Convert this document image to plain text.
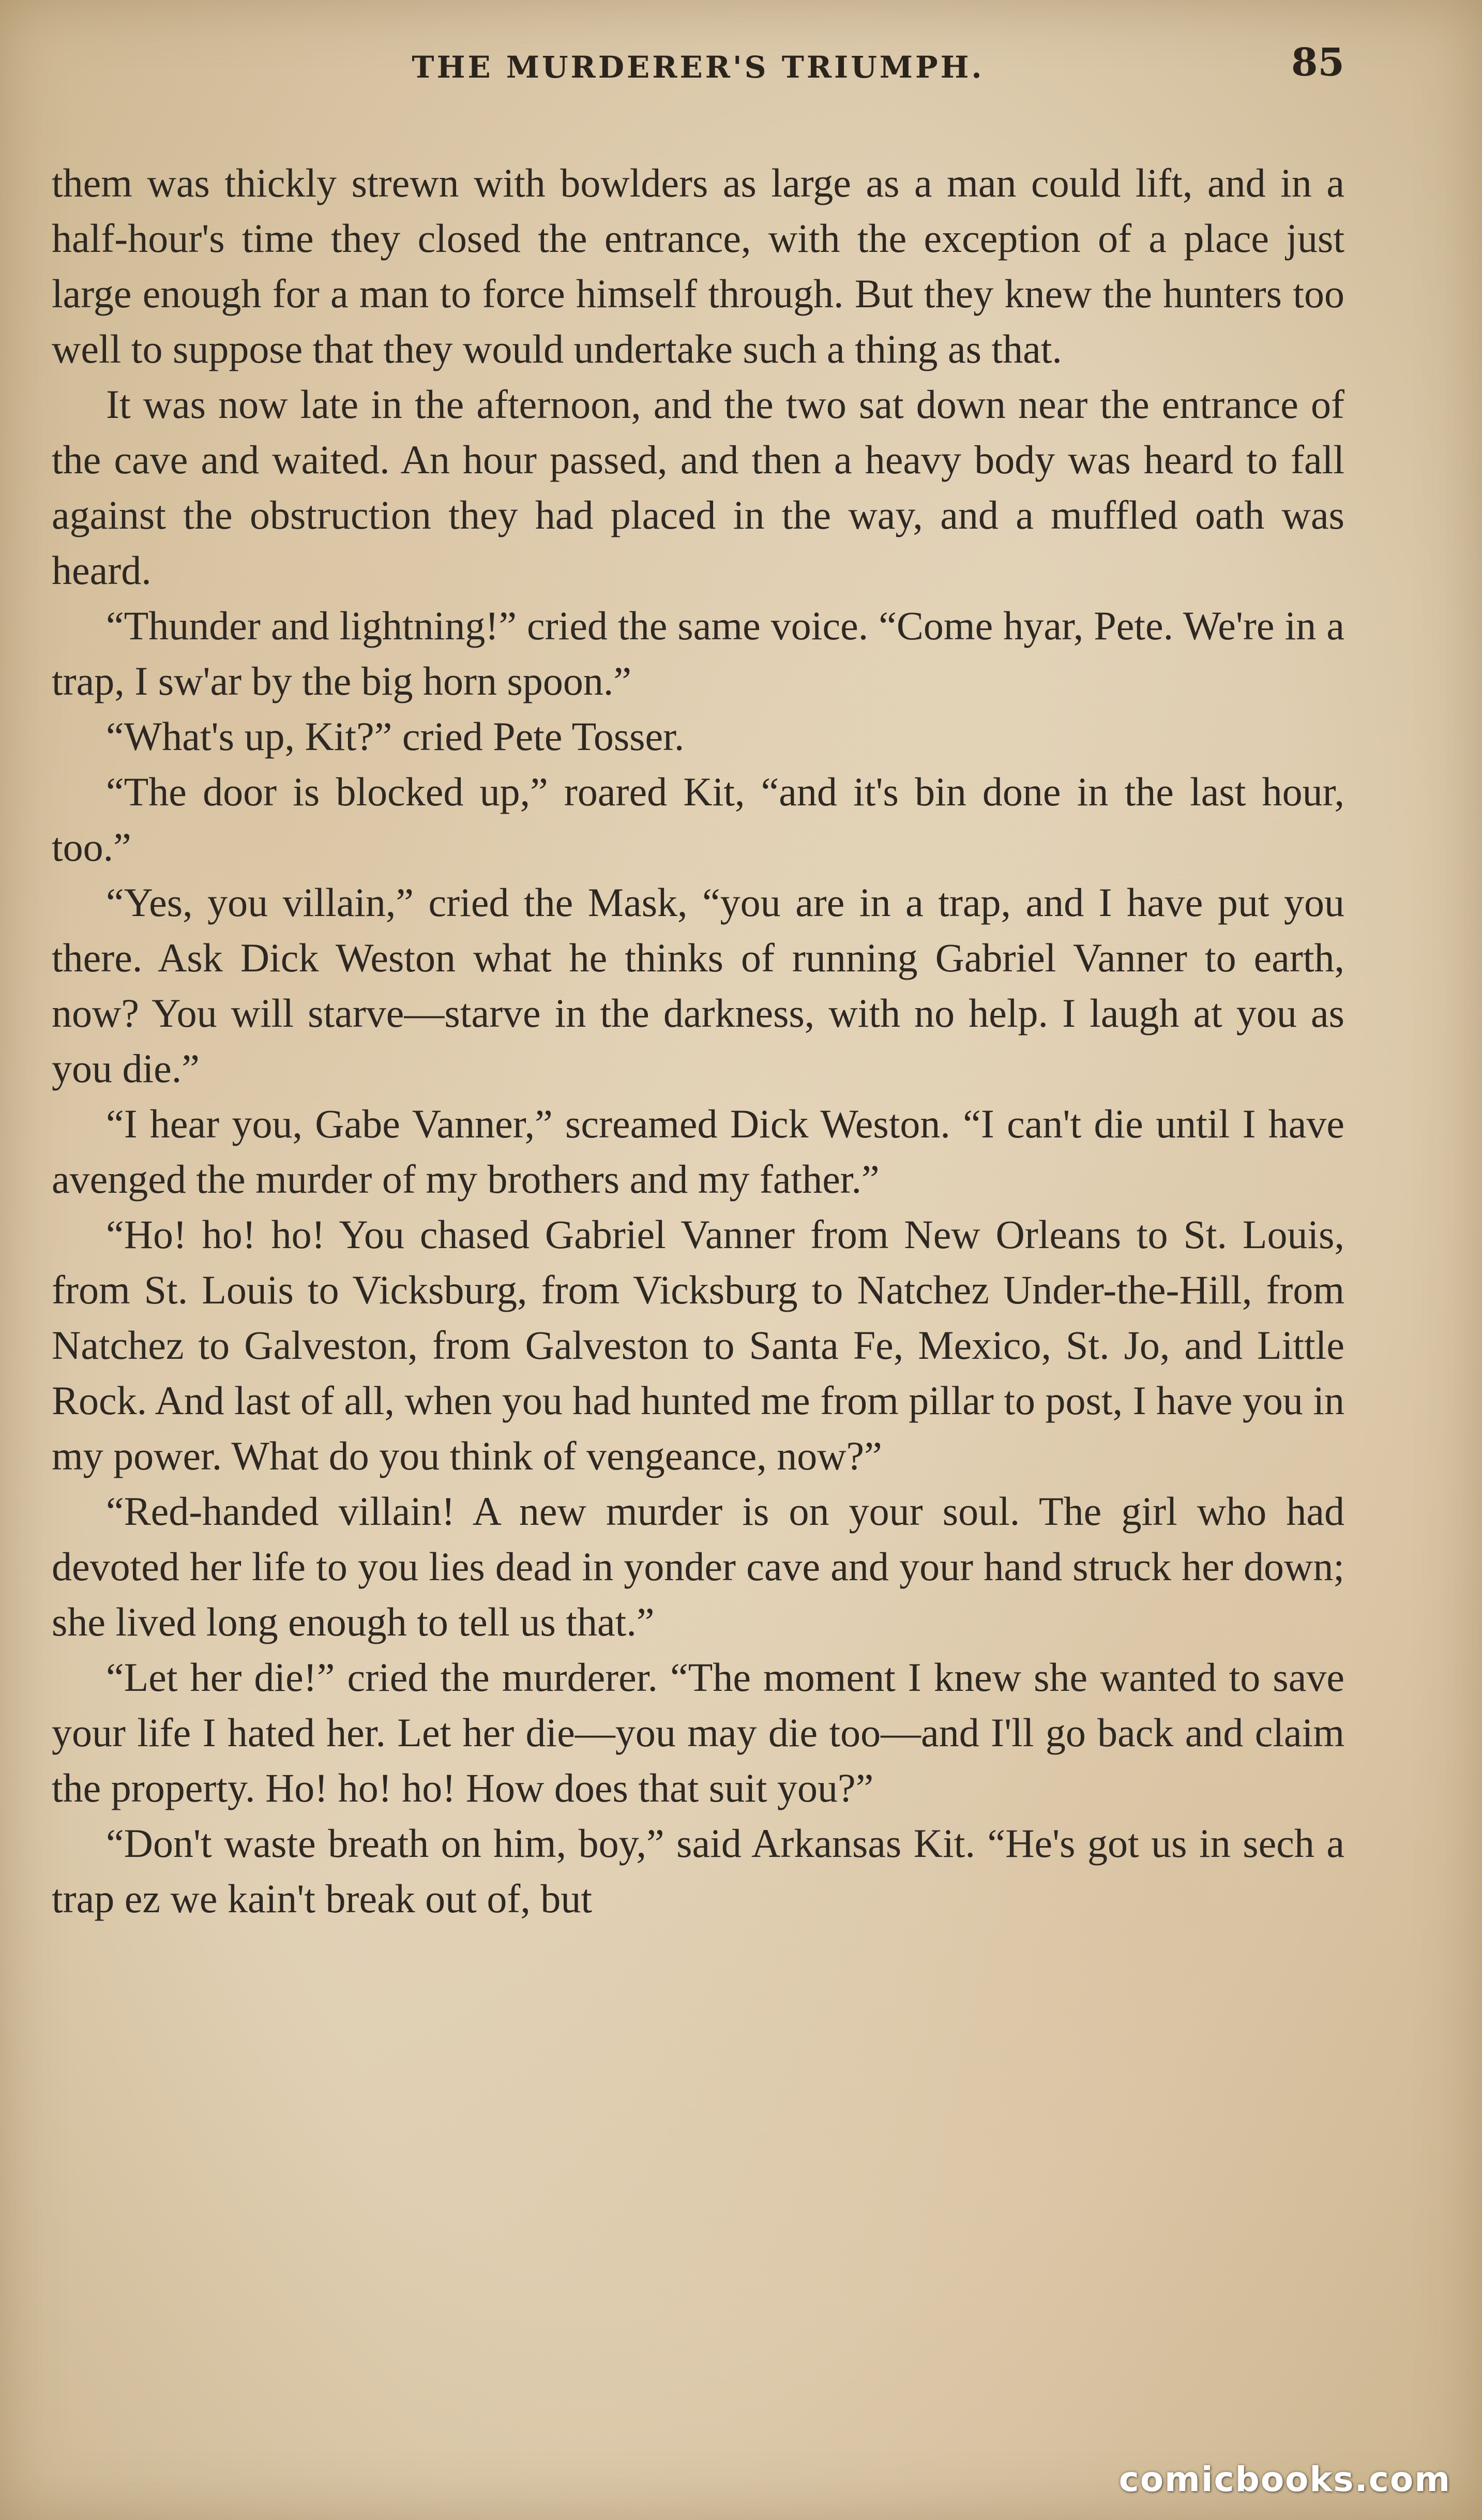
THE MURDERER'S TRIUMPH.	85

them was thickly strewn with bowlders as large as a man could lift, and in a half-hour's time they closed the entrance, with the exception of a place just large enough for a man to force himself through. But they knew the hunters too well to suppose that they would undertake such a thing as that.

It was now late in the afternoon, and the two sat down near the entrance of the cave and waited. An hour passed, and then a heavy body was heard to fall against the obstruction they had placed in the way, and a muffled oath was heard.

“Thunder and lightning!” cried the same voice. “Come hyar, Pete. We're in a trap, I sw'ar by the big horn spoon.”

“What's up, Kit?” cried Pete Tosser.

“The door is blocked up,” roared Kit, “and it's bin done in the last hour, too.”

“Yes, you villain,” cried the Mask, “you are in a trap, and I have put you there. Ask Dick Weston what he thinks of running Gabriel Vanner to earth, now? You will starve—starve in the darkness, with no help. I laugh at you as you die.”

“I hear you, Gabe Vanner,” screamed Dick Weston. “I can't die until I have avenged the murder of my brothers and my father.”

“Ho! ho! ho! You chased Gabriel Vanner from New Orleans to St. Louis, from St. Louis to Vicksburg, from Vicksburg to Natchez Under-the-Hill, from Natchez to Galveston, from Galveston to Santa Fe, Mexico, St. Jo, and Little Rock. And last of all, when you had hunted me from pillar to post, I have you in my power. What do you think of vengeance, now?”

“Red-handed villain! A new murder is on your soul. The girl who had devoted her life to you lies dead in yonder cave and your hand struck her down; she lived long enough to tell us that.”

“Let her die!” cried the murderer. “The moment I knew she wanted to save your life I hated her. Let her die—you may die too—and I'll go back and claim the property. Ho! ho! ho! How does that suit you?”

“Don't waste breath on him, boy,” said Arkansas Kit. “He's got us in sech a trap ez we kain't break out of, but

comicbooks.com
